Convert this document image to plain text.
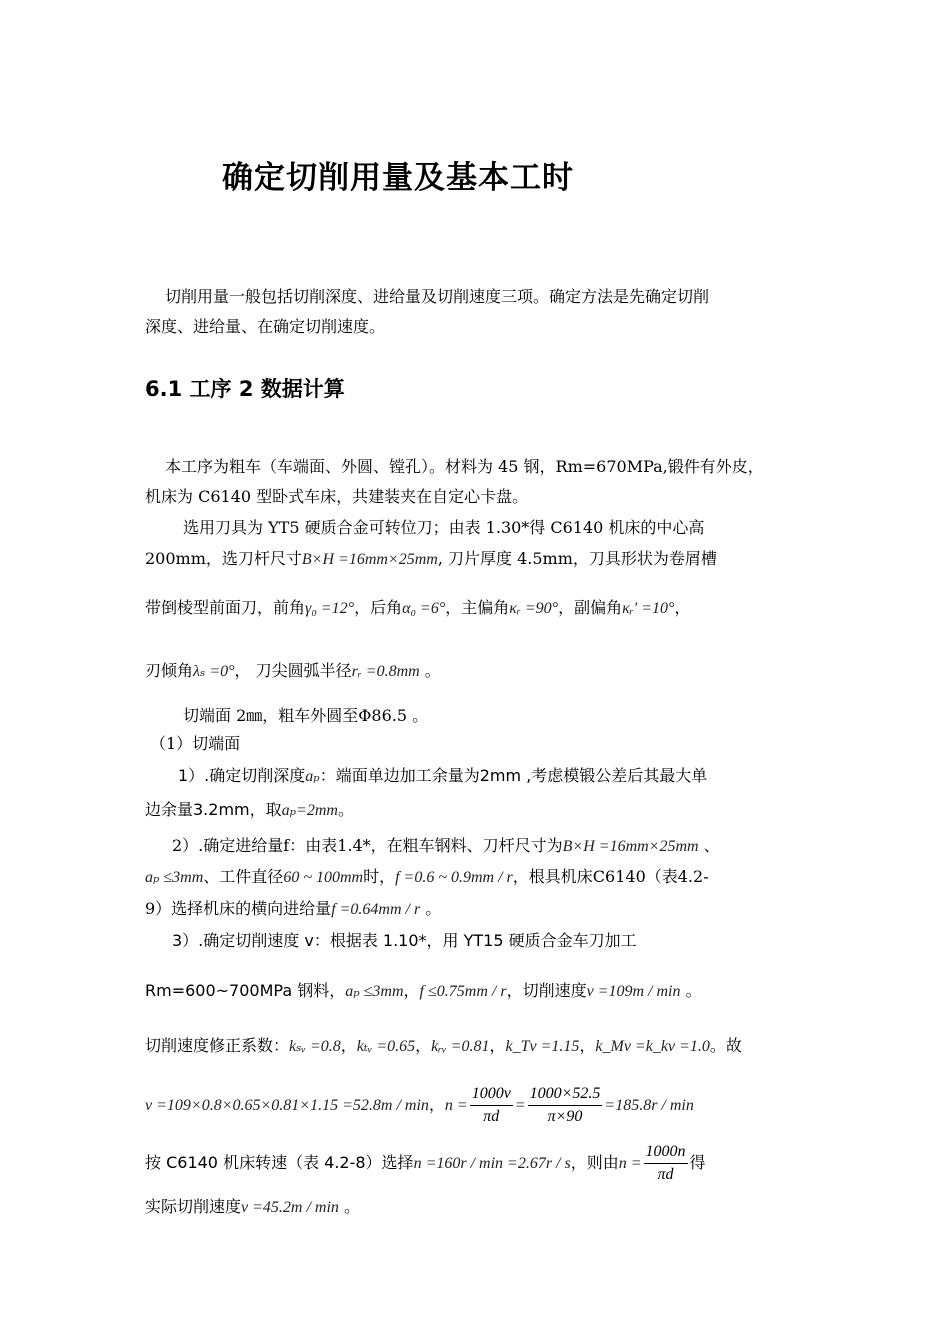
确定切削用量及基本工时

切削用量一般包括切削深度、进给量及切削速度三项。确定方法是先确定切削

深度、进给量、在确定切削速度。

6.1 工序 2 数据计算

本工序为粗车（车端面、外圆、镗孔）。材料为 45 钢，Rm=670MPa,锻件有外皮，

机床为 C6140 型卧式车床，共建装夹在自定心卡盘。

选用刀具为 YT5 硬质合金可转位刀；由表 1.30*得 C6140 机床的中心高

200mm，选刀杆尺寸B×H =16mm×25mm, 刀片厚度 4.5mm，刀具形状为卷屑槽

带倒棱型前面刀，前角γ₀ =12°，后角α₀ =6°，主偏角κᵣ =90°，副偏角κᵣ′ =10°，

刃倾角λₛ =0°， 刀尖圆弧半径rᵣ =0.8mm 。

切端面 2㎜，粗车外圆至Φ86.5 。

（1）切端面

1）.确定切削深度aₚ：端面单边加工余量为2mm ,考虑模锻公差后其最大单

边余量3.2mm，取aₚ=2mm。

2）.确定进给量f：由表1.4*，在粗车钢料、刀杆尺寸为B×H =16mm×25mm 、

aₚ ≤3mm、工件直径60 ~ 100mm时，f =0.6 ~ 0.9mm / r，根具机床C6140（表4.2-

9）选择机床的横向进给量f =0.64mm / r 。

3）.确定切削速度 v：根据表 1.10*，用 YT15 硬质合金车刀加工

Rm=600~700MPa 钢料，aₚ ≤3mm，f ≤0.75mm / r，切削速度v =109m / min 。

切削速度修正系数：kₛᵥ =0.8，kₜᵥ =0.65，kᵣᵥ =0.81，k_Tv =1.15，k_Mv =k_kv =1.0。故

v =109×0.8×0.65×0.81×1.15 =52.8m / min，$n = \frac{1000v}{\pi d} = \frac{1000\times 52.5}{\pi\times 90} =185.8r / \min$

按 C6140 机床转速（表 4.2-8）选择n =160r / min =2.67r / s，则由$n = \frac{1000n}{\pi d}$ 得

实际切削速度v =45.2m / min 。
